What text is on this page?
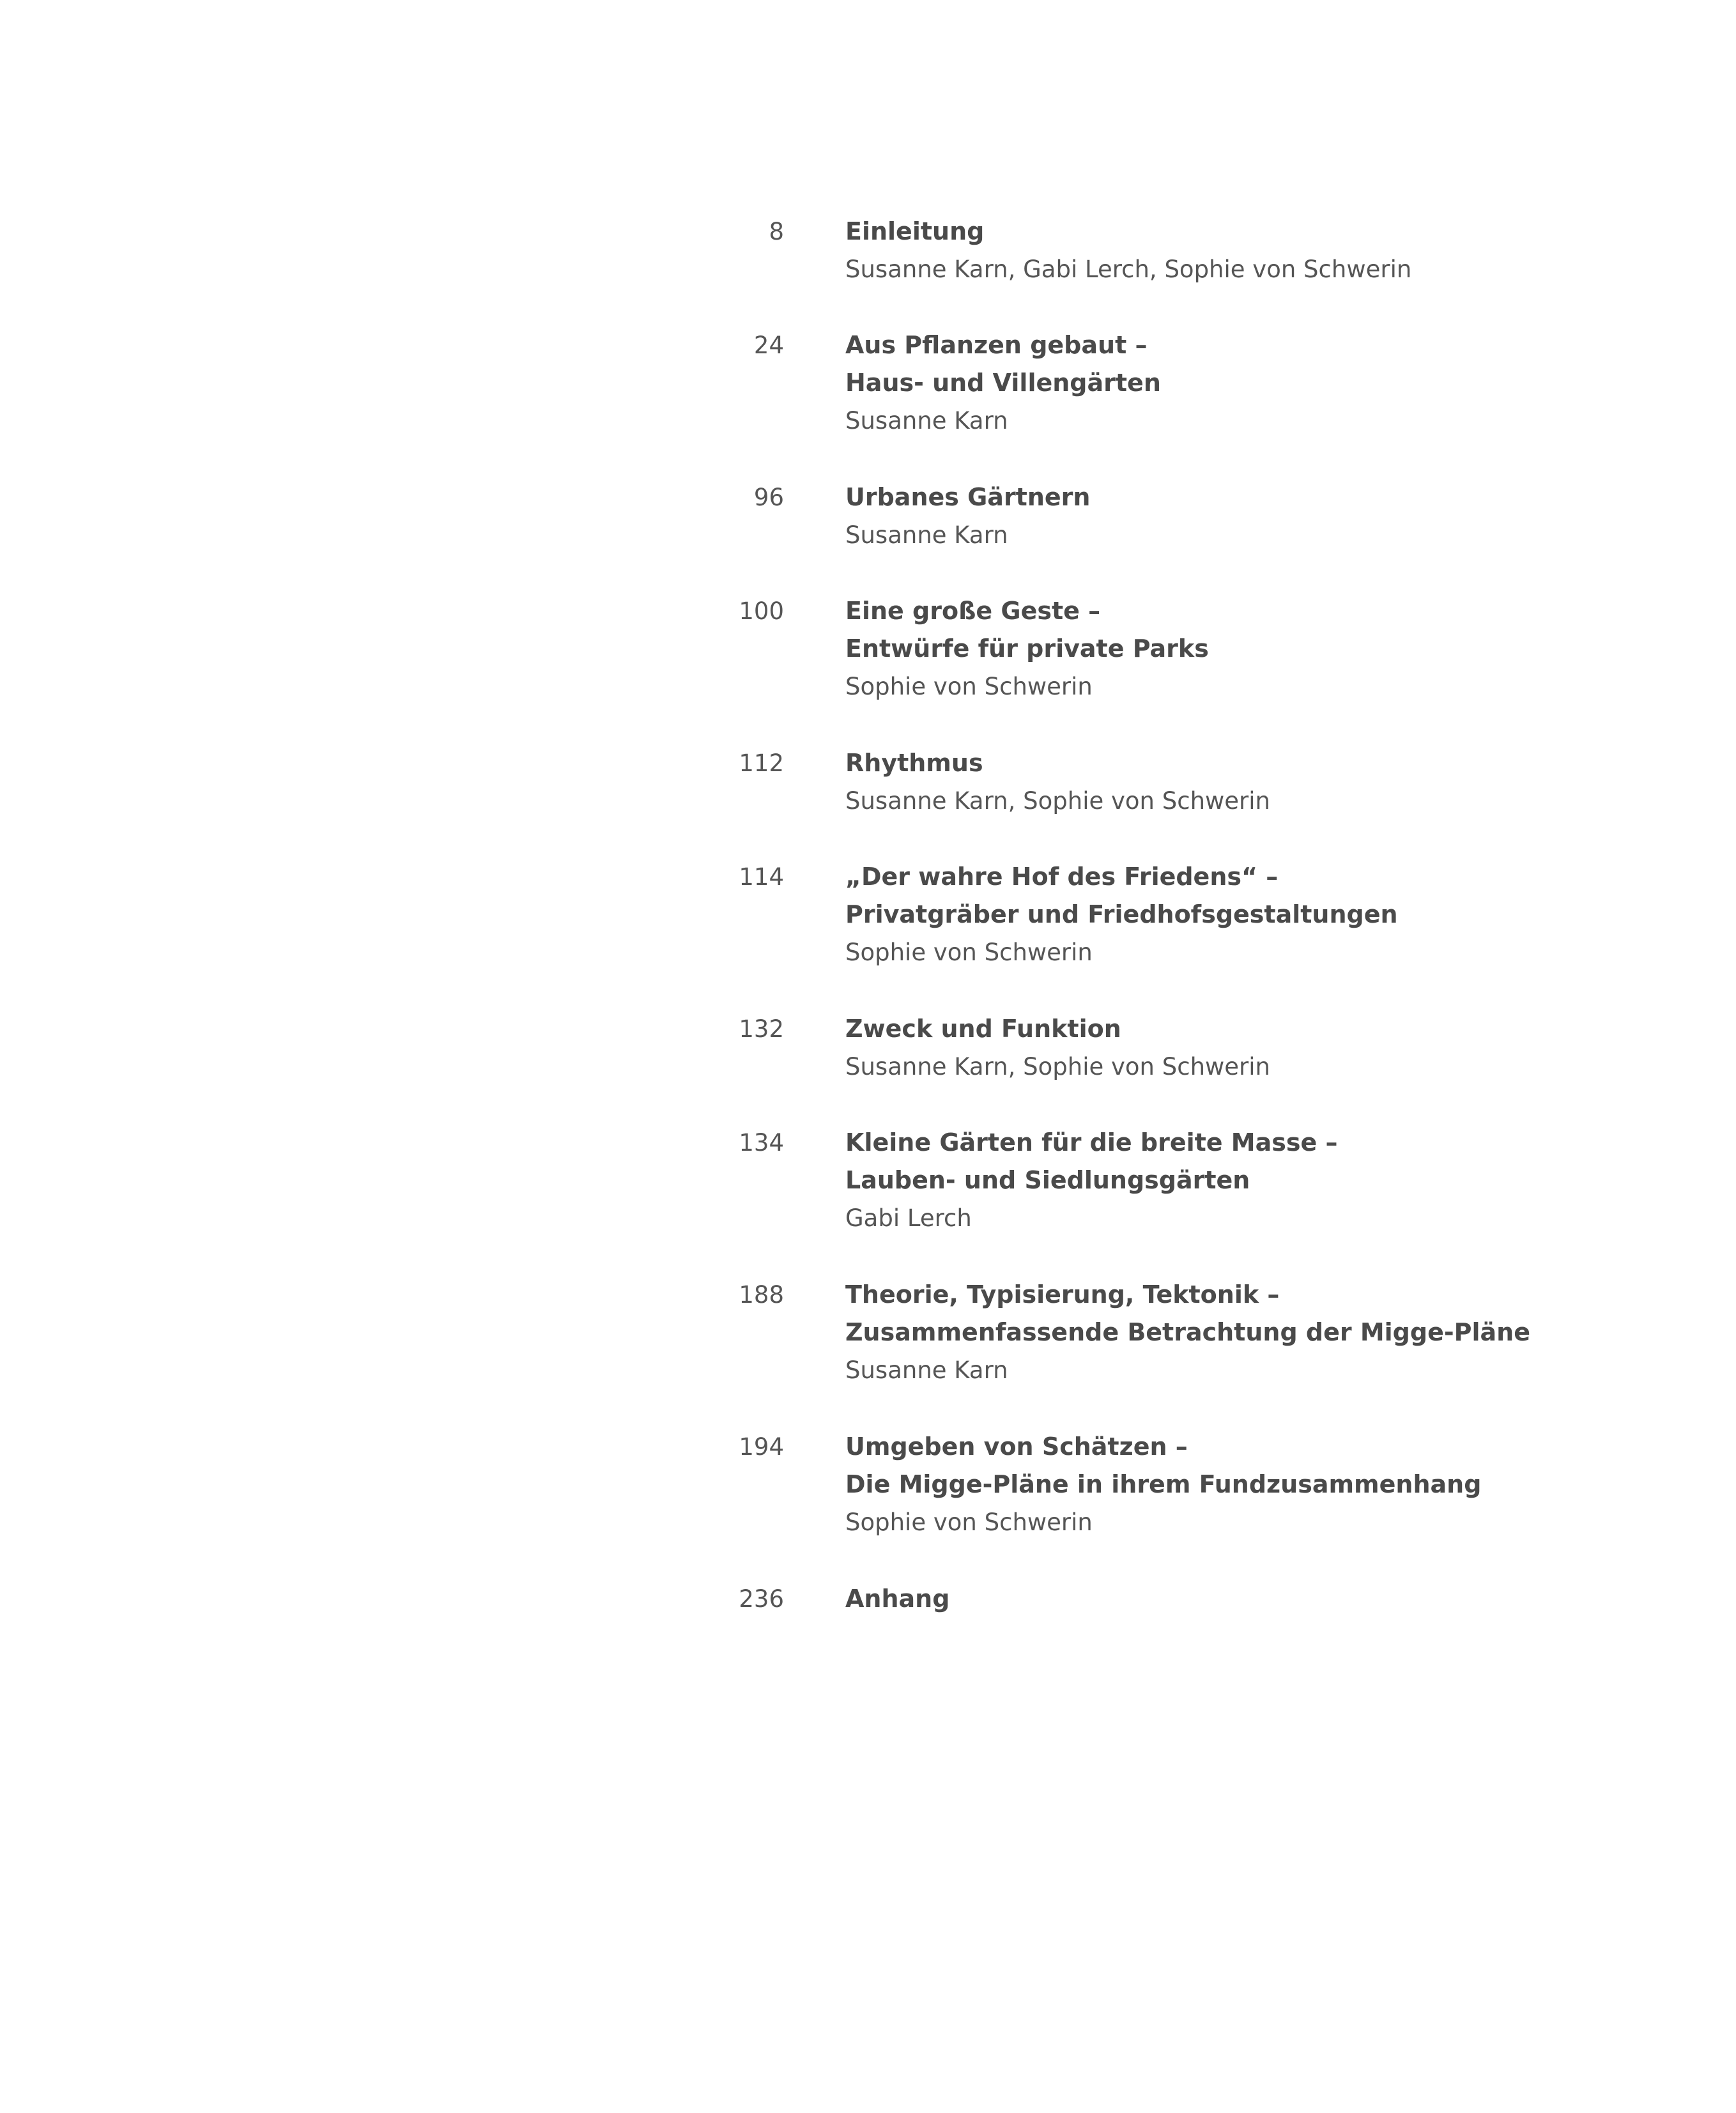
8	Einleitung
Susanne Karn, Gabi Lerch, Sophie von Schwerin
24	Aus Pflanzen gebaut –
Haus- und Villengärten
Susanne Karn
96	Urbanes Gärtnern
Susanne Karn
100	Eine große Geste –
Entwürfe für private Parks
Sophie von Schwerin
112	Rhythmus
Susanne Karn, Sophie von Schwerin
114	„Der wahre Hof des Friedens“ –
Privatgräber und Friedhofsgestaltungen
Sophie von Schwerin
132	Zweck und Funktion
Susanne Karn, Sophie von Schwerin
134	Kleine Gärten für die breite Masse –
Lauben- und Siedlungsgärten
Gabi Lerch
188	Theorie, Typisierung, Tektonik –
Zusammenfassende Betrachtung der Migge-Pläne
Susanne Karn
194	Umgeben von Schätzen –
Die Migge-Pläne in ihrem Fundzusammenhang
Sophie von Schwerin
236	Anhang
